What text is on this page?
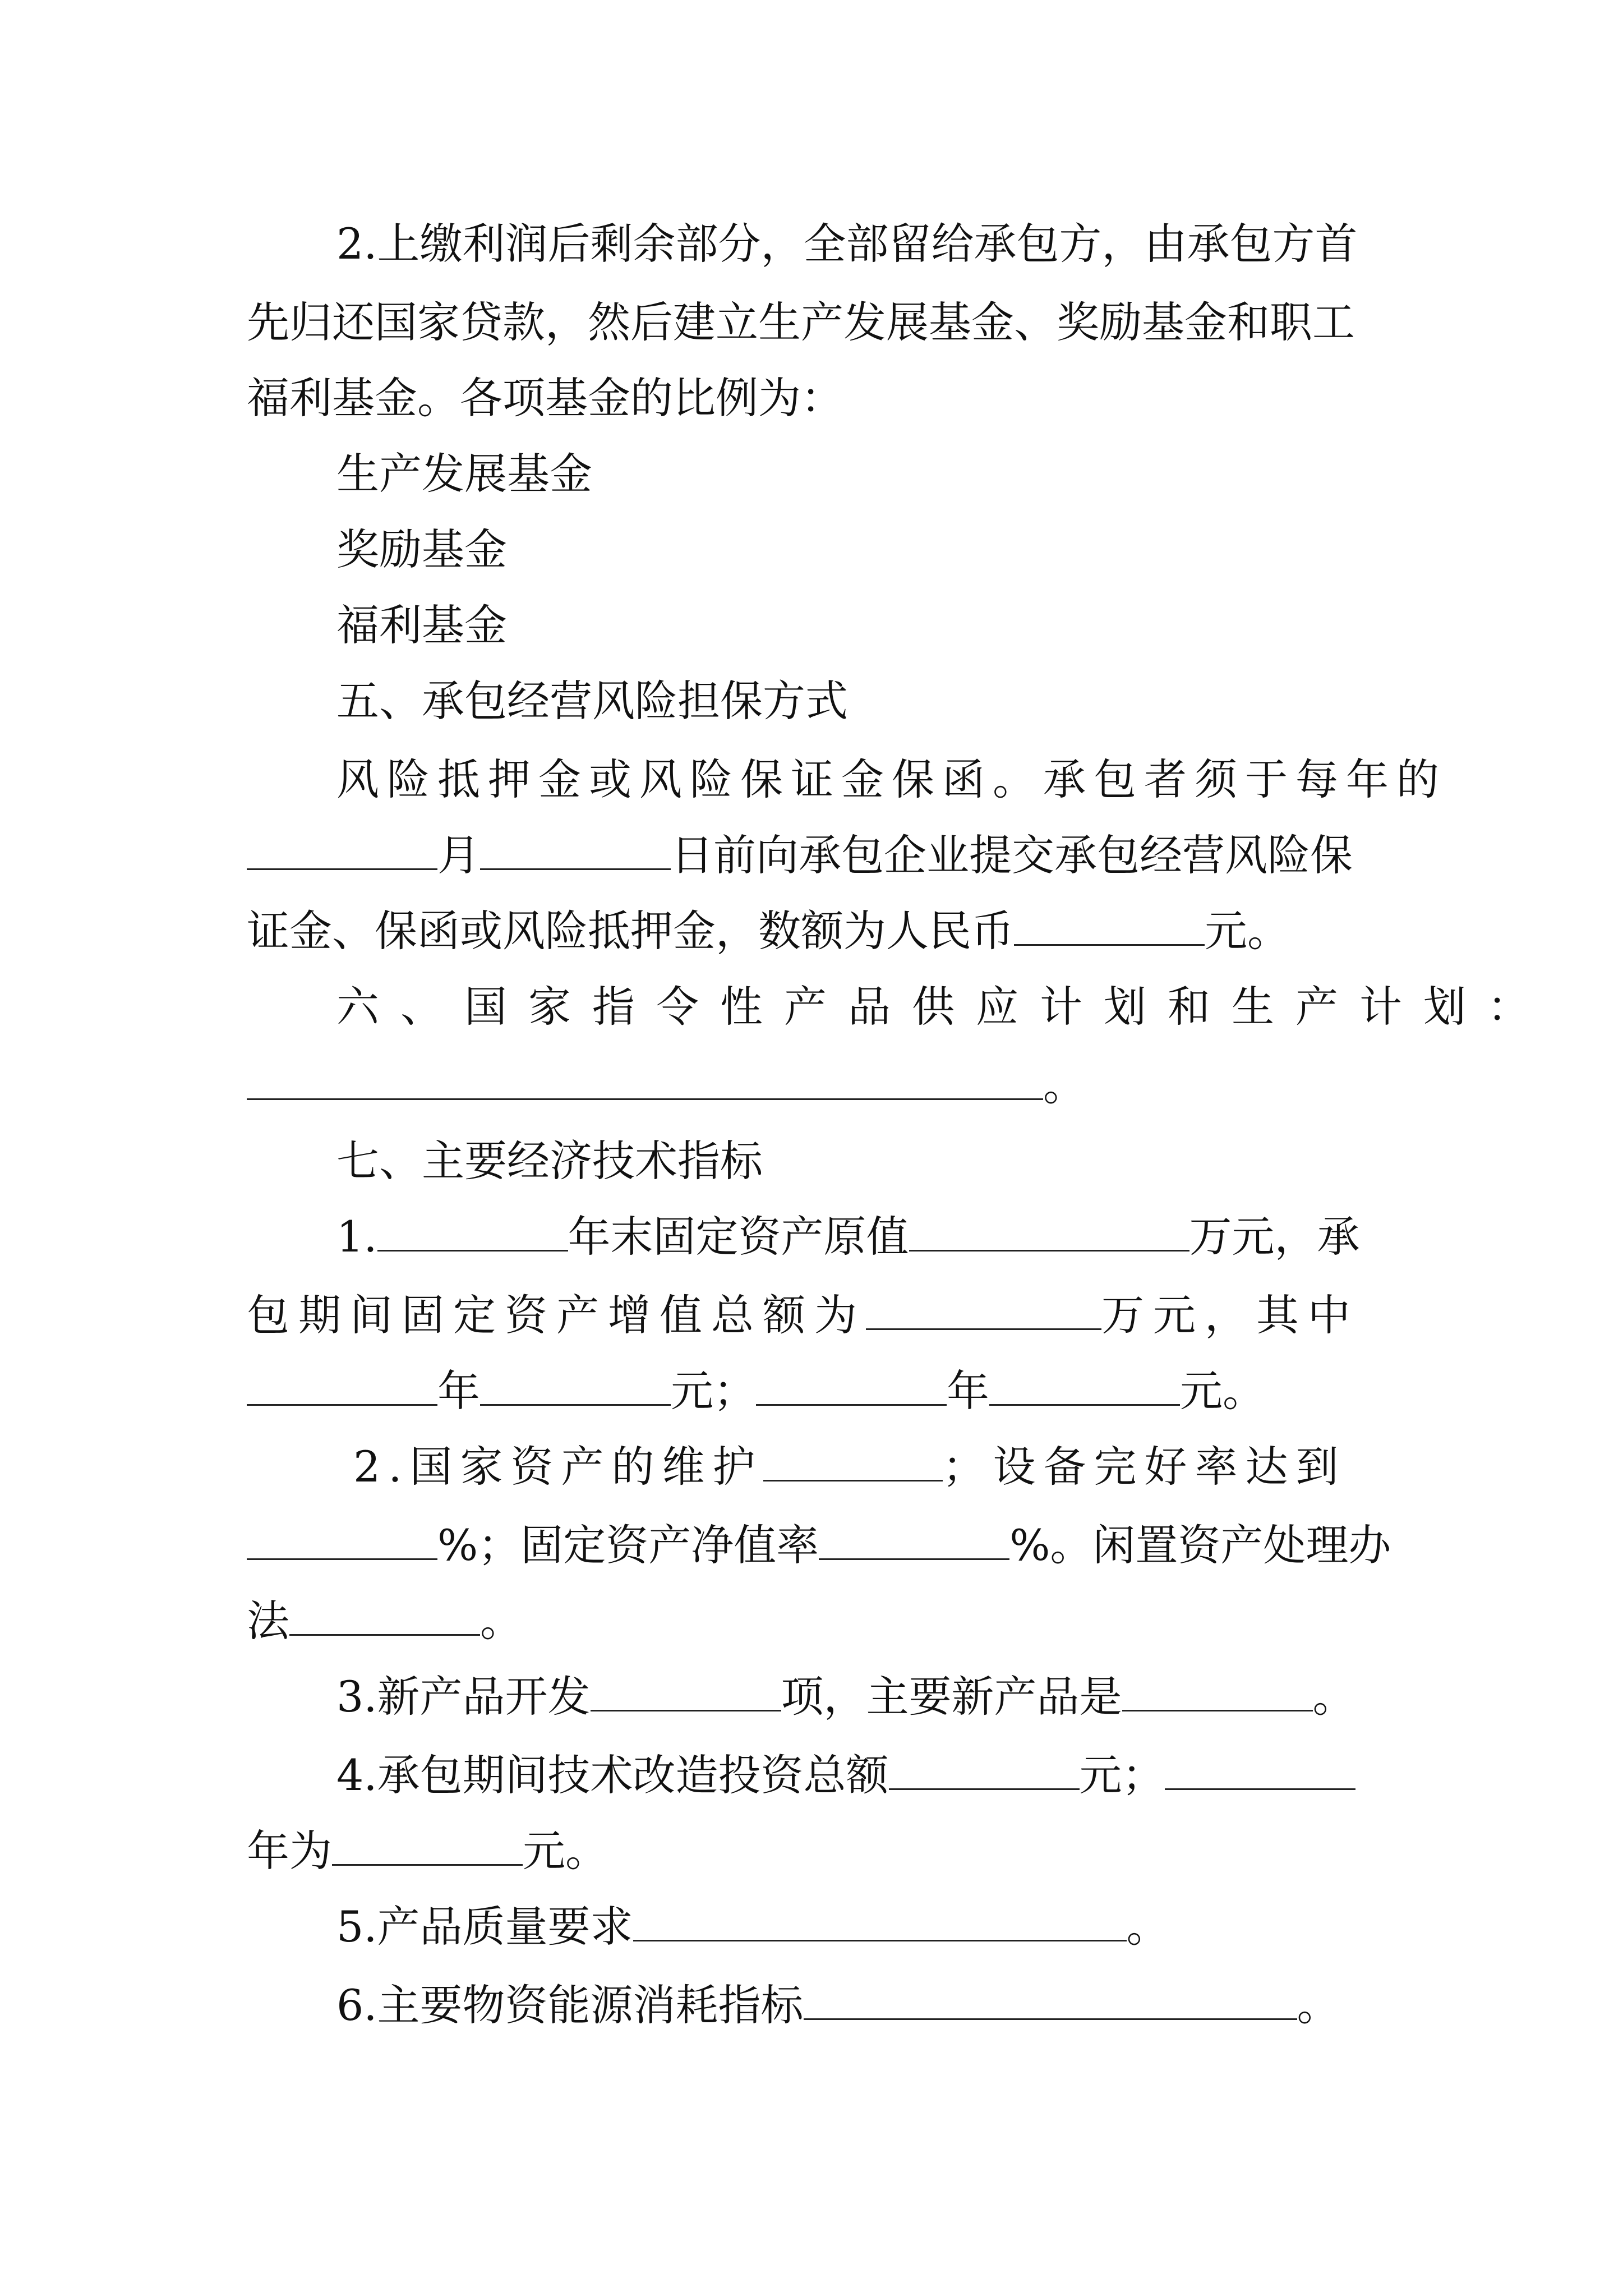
2.上缴利润后剩余部分，全部留给承包方，由承包方首
先归还国家贷款，然后建立生产发展基金、奖励基金和职工
福利基金。各项基金的比例为：
生产发展基金
奖励基金
福利基金
五、承包经营风险担保方式
风险抵押金或风险保证金保函。承包者须于每年的
月	日前向承包企业提交承包经营风险保
证金、保函或风险抵押金，数额为人民币	元。
六、国家指令性产品供应计划和生产计划：
。
七、主要经济技术指标
1.	年末固定资产原值	万元，承
包期间固定资产增值总额为	万元，其中
年	元；	年	元。
2.国家资产的维护	；设备完好率达到
%；固定资产净值率	%。闲置资产处理办
法	。
3.新产品开发	项，主要新产品是	。
4.承包期间技术改造投资总额	元；
年为	元。
5.产品质量要求	。
6.主要物资能源消耗指标	。
